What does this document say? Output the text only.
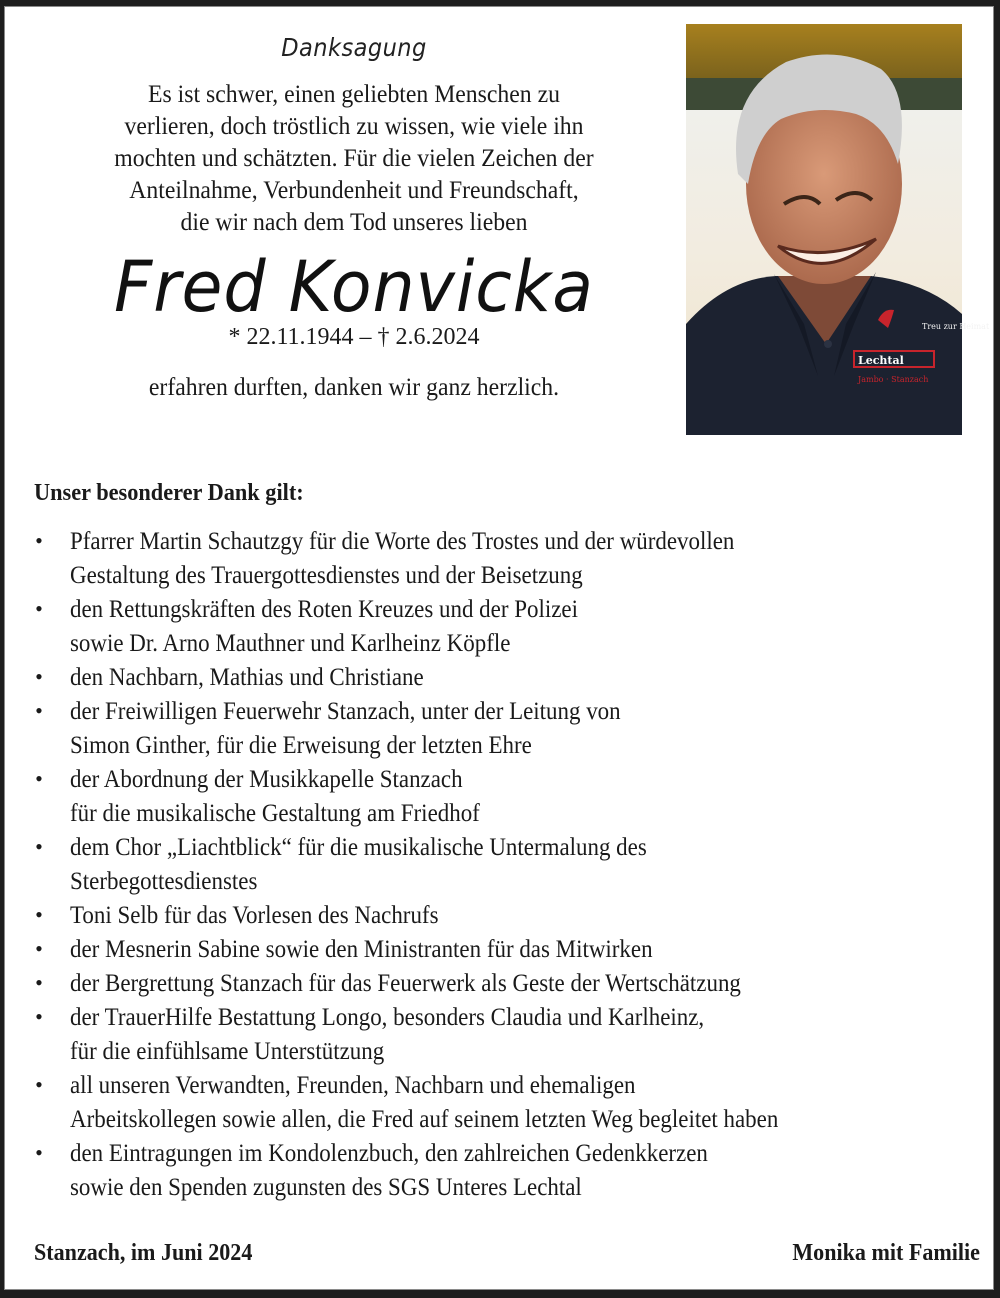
Danksagung

Es ist schwer, einen geliebten Menschen zu

verlieren, doch tröstlich zu wissen, wie viele ihn

mochten und schätzten. Für die vielen Zeichen der

Anteilnahme, Verbundenheit und Freundschaft,

die wir nach dem Tod unseres lieben

Fred Konvicka
* 22.11.1944 – † 2.6.2024
erfahren durften, danken wir ganz herzlich.
Treu zur Heimat
Lechtal
Jambo · Stanzach
Unser besonderer Dank gilt:
• Pfarrer Martin Schautzgy für die Worte des Trostes und der würdevollen
Gestaltung des Trauergottesdienstes und der Beisetzung
• den Rettungskräften des Roten Kreuzes und der Polizei
sowie Dr. Arno Mauthner und Karlheinz Köpfle
• den Nachbarn, Mathias und Christiane
• der Freiwilligen Feuerwehr Stanzach, unter der Leitung von
Simon Ginther, für die Erweisung der letzten Ehre
• der Abordnung der Musikkapelle Stanzach
für die musikalische Gestaltung am Friedhof
• dem Chor „Liachtblick“ für die musikalische Untermalung des
Sterbegottesdienstes
• Toni Selb für das Vorlesen des Nachrufs
• der Mesnerin Sabine sowie den Ministranten für das Mitwirken
• der Bergrettung Stanzach für das Feuerwerk als Geste der Wertschätzung
• der TrauerHilfe Bestattung Longo, besonders Claudia und Karlheinz,
für die einfühlsame Unterstützung
• all unseren Verwandten, Freunden, Nachbarn und ehemaligen
Arbeitskollegen sowie allen, die Fred auf seinem letzten Weg begleitet haben
• den Eintragungen im Kondolenzbuch, den zahlreichen Gedenkkerzen
sowie den Spenden zugunsten des SGS Unteres Lechtal
Stanzach, im Juni 2024	Monika mit Familie
